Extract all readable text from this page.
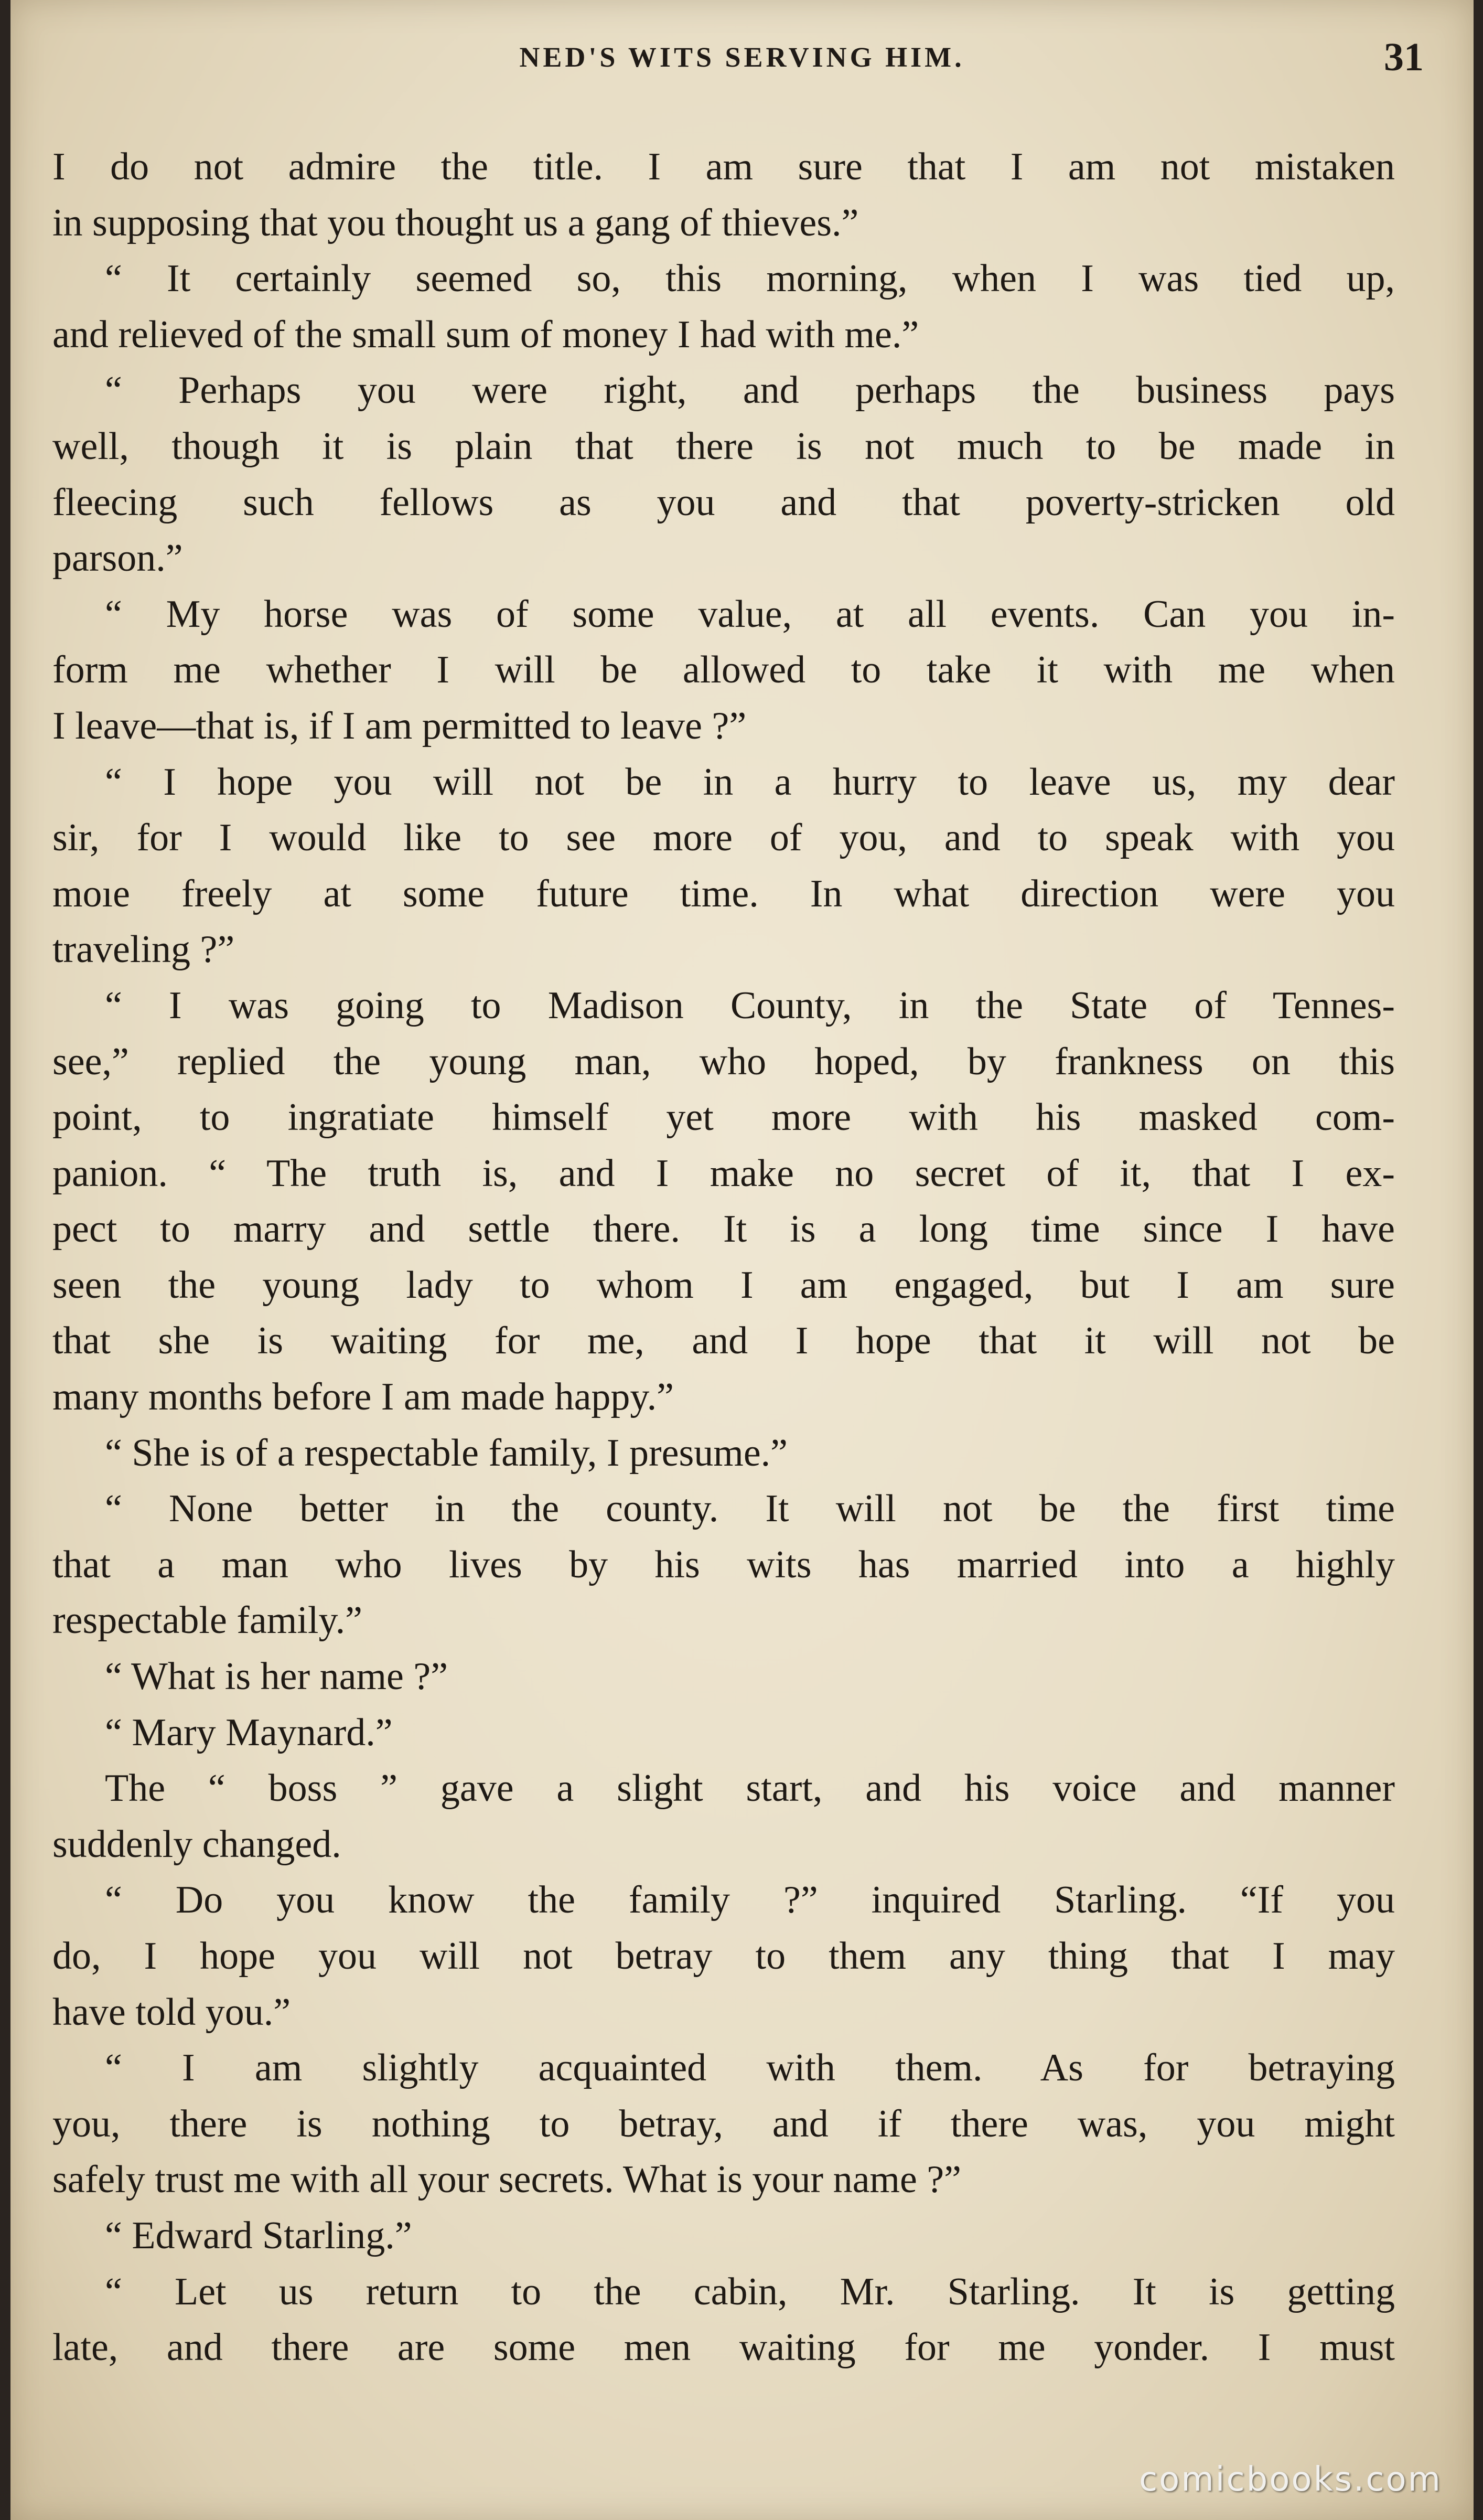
NED'S WITS SERVING HIM.	31
I do not admire the title. I am sure that I am not mistaken
in supposing that you thought us a gang of thieves.”
“ It certainly seemed so, this morning, when I was tied up,
and relieved of the small sum of money I had with me.”
“ Perhaps you were right, and perhaps the business pays
well, though it is plain that there is not much to be made in
fleecing such fellows as you and that poverty-stricken old
parson.”
“ My horse was of some value, at all events. Can you in-
form me whether I will be allowed to take it with me when
I leave—that is, if I am permitted to leave ?”
“ I hope you will not be in a hurry to leave us, my dear
sir, for I would like to see more of you, and to speak with you
moıe freely at some future time. In what direction were you
traveling ?”
“ I was going to Madison County, in the State of Tennes-
see,” replied the young man, who hoped, by frankness on this
point, to ingratiate himself yet more with his masked com-
panion. “ The truth is, and I make no secret of it, that I ex-
pect to marry and settle there. It is a long time since I have
seen the young lady to whom I am engaged, but I am sure
that she is waiting for me, and I hope that it will not be
many months before I am made happy.”
“ She is of a respectable family, I presume.”
“ None better in the county. It will not be the first time
that a man who lives by his wits has married into a highly
respectable family.”
“ What is her name ?”
“ Mary Maynard.”
The “ boss ” gave a slight start, and his voice and manner
suddenly changed.
“ Do you know the family ?” inquired Starling. “If you
do, I hope you will not betray to them any thing that I may
have told you.”
“ I am slightly acquainted with them. As for betraying
you, there is nothing to betray, and if there was, you might
safely trust me with all your secrets. What is your name ?”
“ Edward Starling.”
“ Let us return to the cabin, Mr. Starling. It is getting
late, and there are some men waiting for me yonder. I must
comicbooks.com
